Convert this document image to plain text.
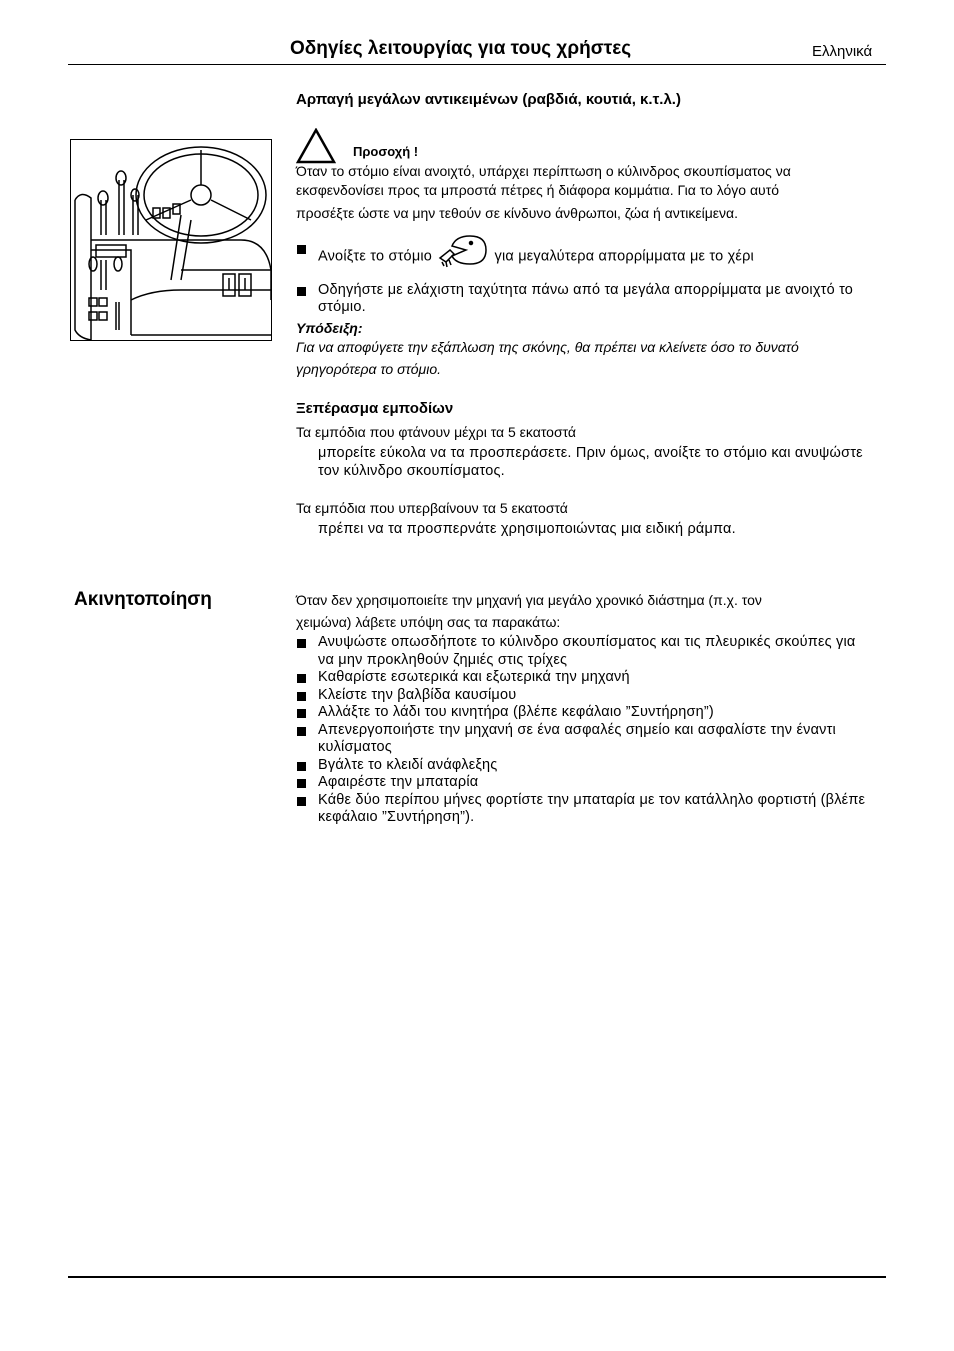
Οδηγίες λειτουργίας για τους χρήστες	Ελληνικά
Αρπαγή μεγάλων αντικειμένων (ραβδιά, κουτιά, κ.τ.λ.)
Προσοχή !
Όταν το στόμιο είναι ανοιχτό, υπάρχει περίπτωση ο κύλινδρος σκουπίσματος να
εκσφενδονίσει προς τα μπροστά πέτρες ή διάφορα κομμάτια. Για το λόγο αυτό
προσέξτε ώστε να μην τεθούν σε κίνδυνο άνθρωποι, ζώα ή αντικείμενα.
Ανοίξτε το στόμιο	για μεγαλύτερα απορρίμματα με το χέρι
Οδηγήστε με ελάχιστη ταχύτητα πάνω από τα μεγάλα απορρίμματα με ανοιχτό το στόμιο.
Υπόδειξη:
Για να αποφύγετε την εξάπλωση της σκόνης, θα πρέπει να κλείνετε όσο το δυνατό
γρηγορότερα το στόμιο.
Ξεπέρασμα εμποδίων
Τα εμπόδια που φτάνουν μέχρι τα 5 εκατοστά
μπορείτε εύκολα να τα προσπεράσετε. Πριν όμως, ανοίξτε το στόμιο και ανυψώστε τον κύλινδρο σκουπίσματος.
Τα εμπόδια που υπερβαίνουν τα 5 εκατοστά
πρέπει να τα προσπερνάτε χρησιμοποιώντας μια ειδική ράμπα.
Ακινητοποίηση	Όταν δεν χρησιμοποιείτε την μηχανή για μεγάλο χρονικό διάστημα (π.χ. τον
χειμώνα) λάβετε υπόψη σας τα παρακάτω:
Ανυψώστε οπωσδήποτε το κύλινδρο σκουπίσματος και τις πλευρικές σκούπες για να μην προκληθούν ζημιές στις τρίχες
Καθαρίστε εσωτερικά και εξωτερικά την μηχανή
Κλείστε την βαλβίδα καυσίμου
Αλλάξτε το λάδι του κινητήρα (βλέπε κεφάλαιο ”Συντήρηση”)
Απενεργοποιήστε την μηχανή σε ένα ασφαλές σημείο και ασφαλίστε την έναντι κυλίσματος
Βγάλτε το κλειδί ανάφλεξης
Αφαιρέστε την μπαταρία
Κάθε δύο περίπου μήνες φορτίστε την μπαταρία με τον κατάλληλο φορτιστή (βλέπε κεφάλαιο ”Συντήρηση”).
